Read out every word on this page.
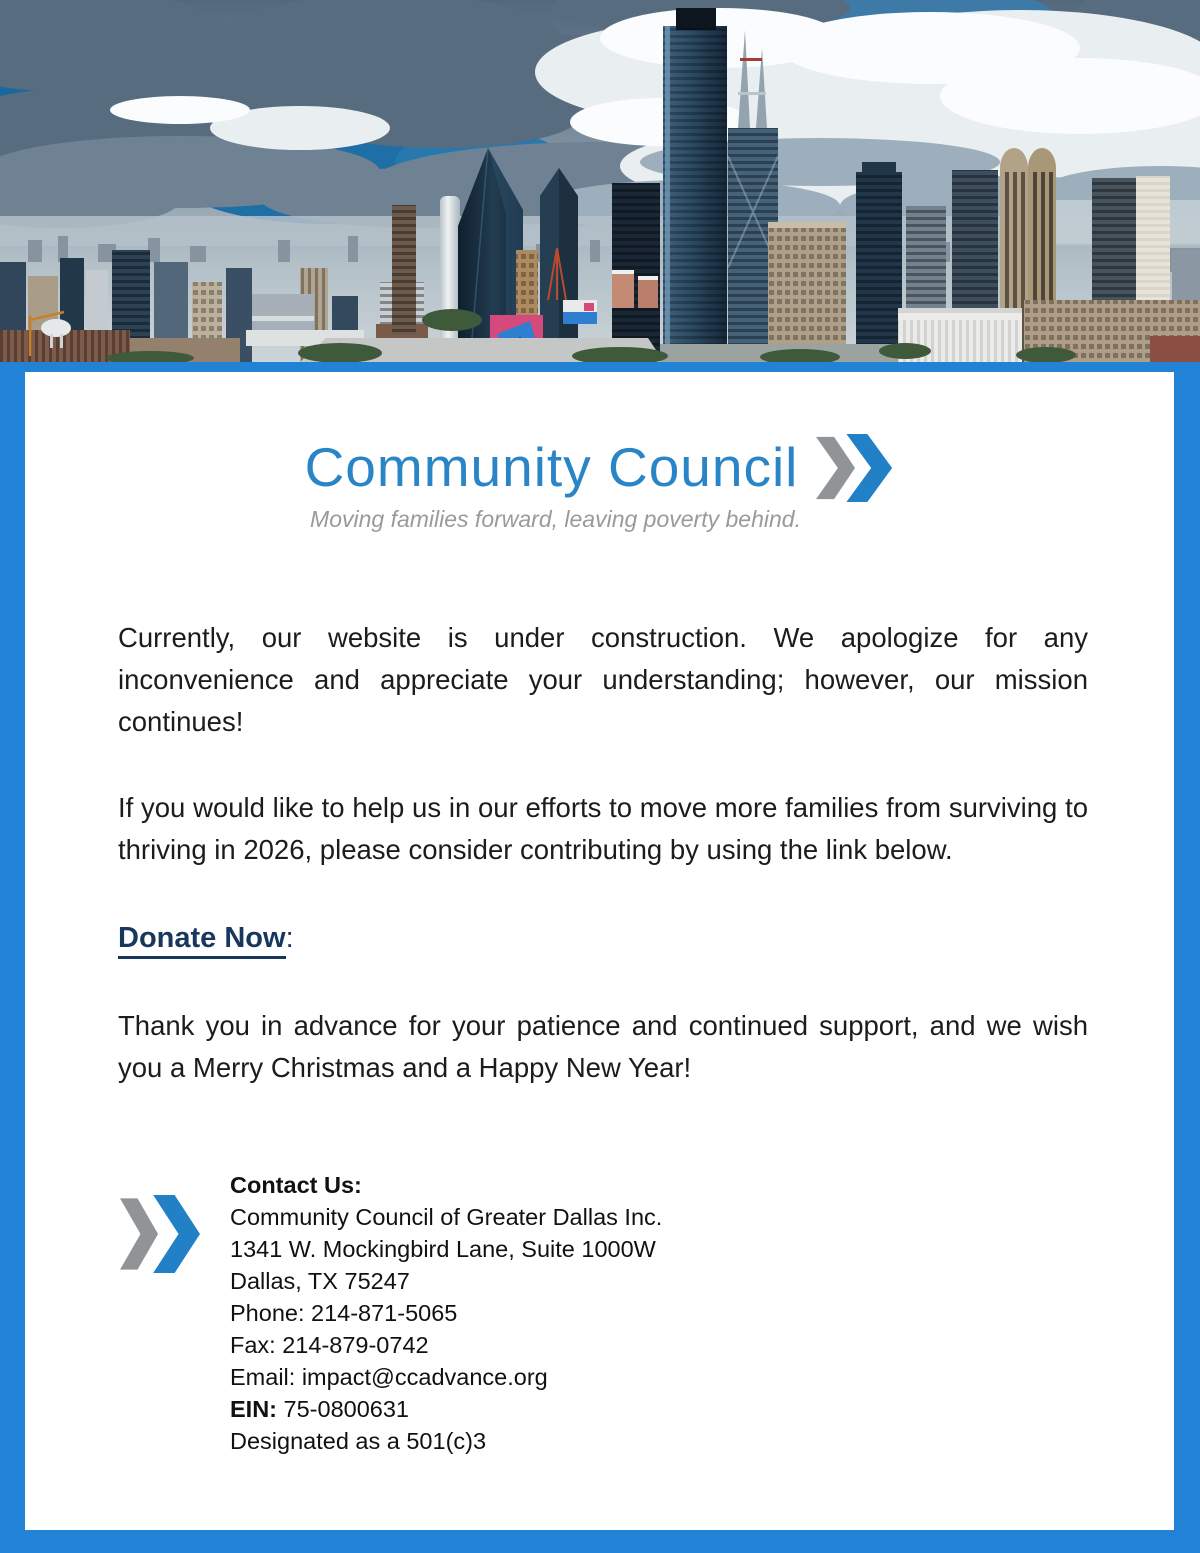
Community Council
Moving families forward, leaving poverty behind.

Currently, our website is under construction. We apologize for any inconvenience and appreciate your understanding; however, our mission continues!

If you would like to help us in our efforts to move more families from surviving to thriving in 2026, please consider contributing by using the link below.

Donate Now:

Thank you in advance for your patience and continued support, and we wish you a Merry Christmas and a Happy New Year!

Contact Us:
Community Council of Greater Dallas Inc.
1341 W. Mockingbird Lane, Suite 1000W
Dallas, TX 75247
Phone: 214-871-5065
Fax: 214-879-0742
Email: impact@ccadvance.org
EIN: 75-0800631
Designated as a 501(c)3
